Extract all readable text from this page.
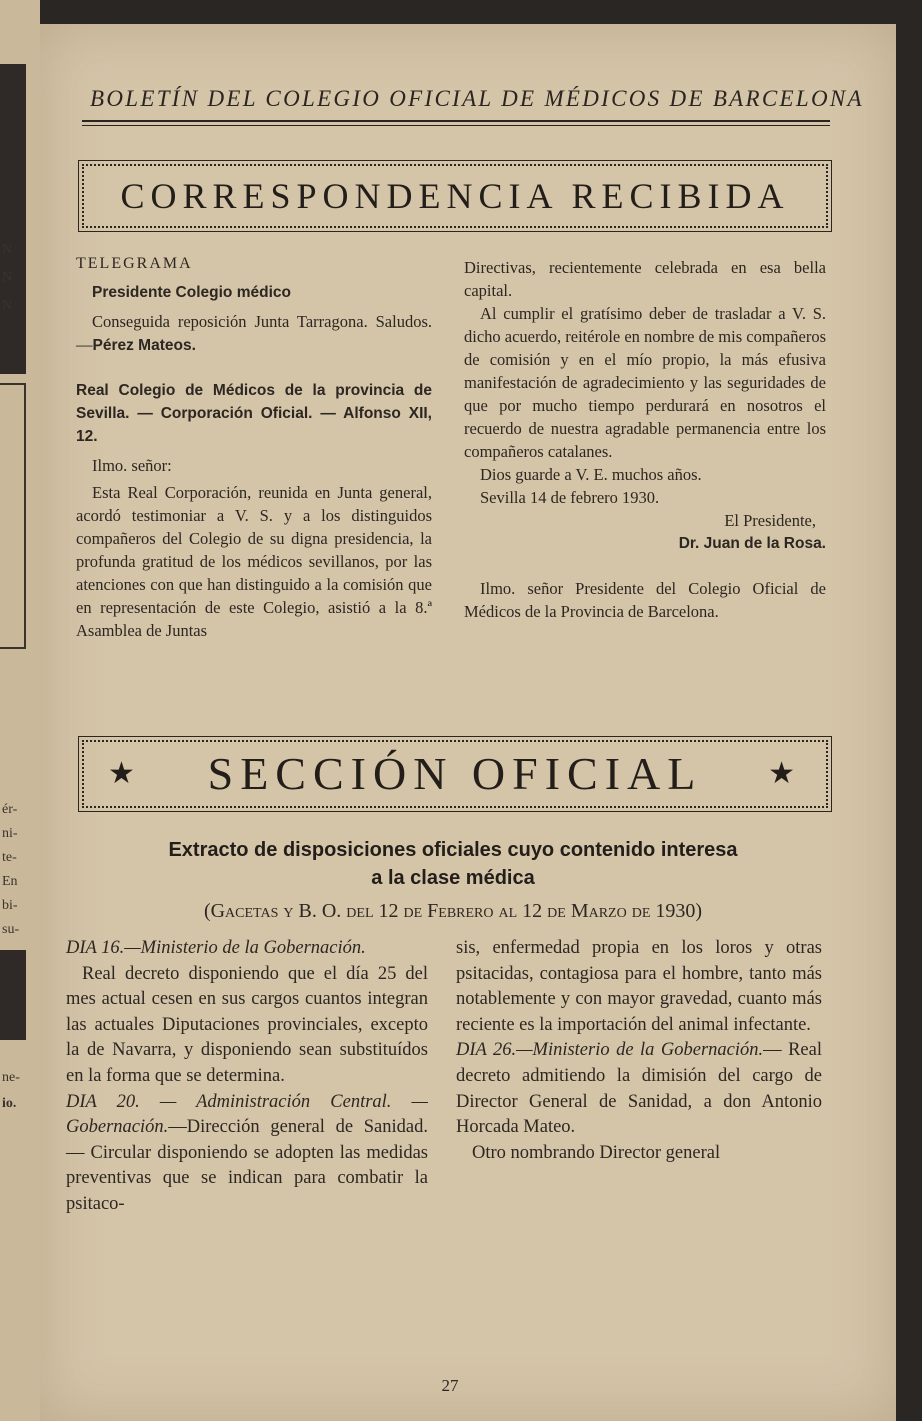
N
N
N
ér-
ni-
te-
En
bi-
su-
ne-
io.
BOLETÍN DEL COLEGIO OFICIAL DE MÉDICOS DE BARCELONA
CORRESPONDENCIA RECIBIDA

TELEGRAMA

Presidente Colegio médico

Conseguida reposición Junta Tarragona. Saludos.—Pérez Mateos.

Real Colegio de Médicos de la provincia de Sevilla. — Corporación Oficial. — Alfonso XII, 12.

Ilmo. señor:

Esta Real Corporación, reunida en Junta general, acordó testimoniar a V. S. y a los distinguidos compañeros del Colegio de su digna presidencia, la profunda gratitud de los médicos sevillanos, por las atenciones con que han distinguido a la comisión que en representación de este Colegio, asistió a la 8.ª Asamblea de Juntas

Directivas, recientemente celebrada en esa bella capital.

Al cumplir el gratísimo deber de trasladar a V. S. dicho acuerdo, reitérole en nombre de mis compañeros de comisión y en el mío propio, la más efusiva manifestación de agradecimiento y las seguridades de que por mucho tiempo perdurará en nosotros el recuerdo de nuestra agradable permanencia entre los compañeros catalanes.

Dios guarde a V. E. muchos años.

Sevilla 14 de febrero 1930.

El Presidente,

Dr. Juan de la Rosa.

Ilmo. señor Presidente del Colegio Oficial de Médicos de la Provincia de Barcelona.

★ SECCIÓN OFICIAL ★
Extracto de disposiciones oficiales cuyo contenido interesa
a la clase médica
(Gacetas y B. O. del 12 de Febrero al 12 de Marzo de 1930)

DIA 16.—Ministerio de la Gobernación.

Real decreto disponiendo que el día 25 del mes actual cesen en sus cargos cuantos integran las actuales Diputaciones provinciales, excepto la de Navarra, y disponiendo sean substituídos en la forma que se determina.

DIA 20. — Administración Central. — Gobernación.—Dirección general de Sanidad. — Circular disponiendo se adopten las medidas preventivas que se indican para combatir la psitaco-

sis, enfermedad propia en los loros y otras psitacidas, contagiosa para el hombre, tanto más notablemente y con mayor gravedad, cuanto más reciente es la importación del animal infectante.

DIA 26.—Ministerio de la Gobernación.— Real decreto admitiendo la dimisión del cargo de Director General de Sanidad, a don Antonio Horcada Mateo.

Otro nombrando Director general

27
